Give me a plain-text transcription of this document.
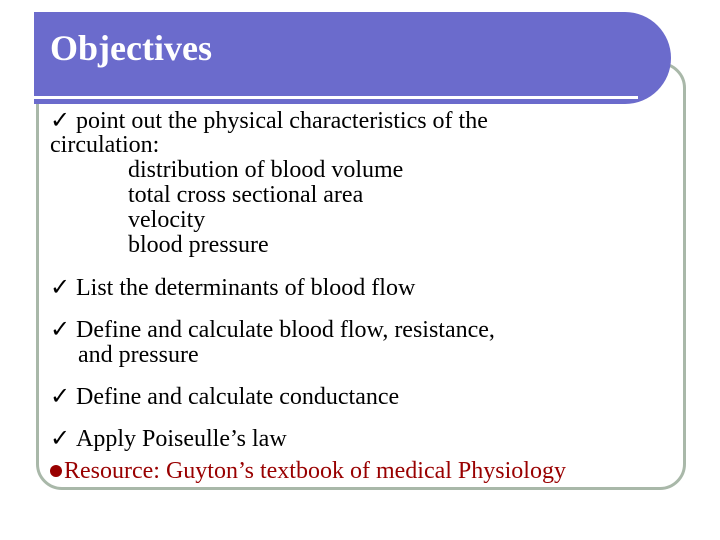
Objectives
✓ point out the physical characteristics of the
circulation:
distribution of blood volume
total cross sectional area
velocity
blood pressure
✓ List the determinants of blood flow
✓ Define and calculate blood flow, resistance,
and pressure
✓ Define and calculate conductance
✓ Apply Poiseulle’s law
Resource: Guyton’s textbook of medical Physiology
